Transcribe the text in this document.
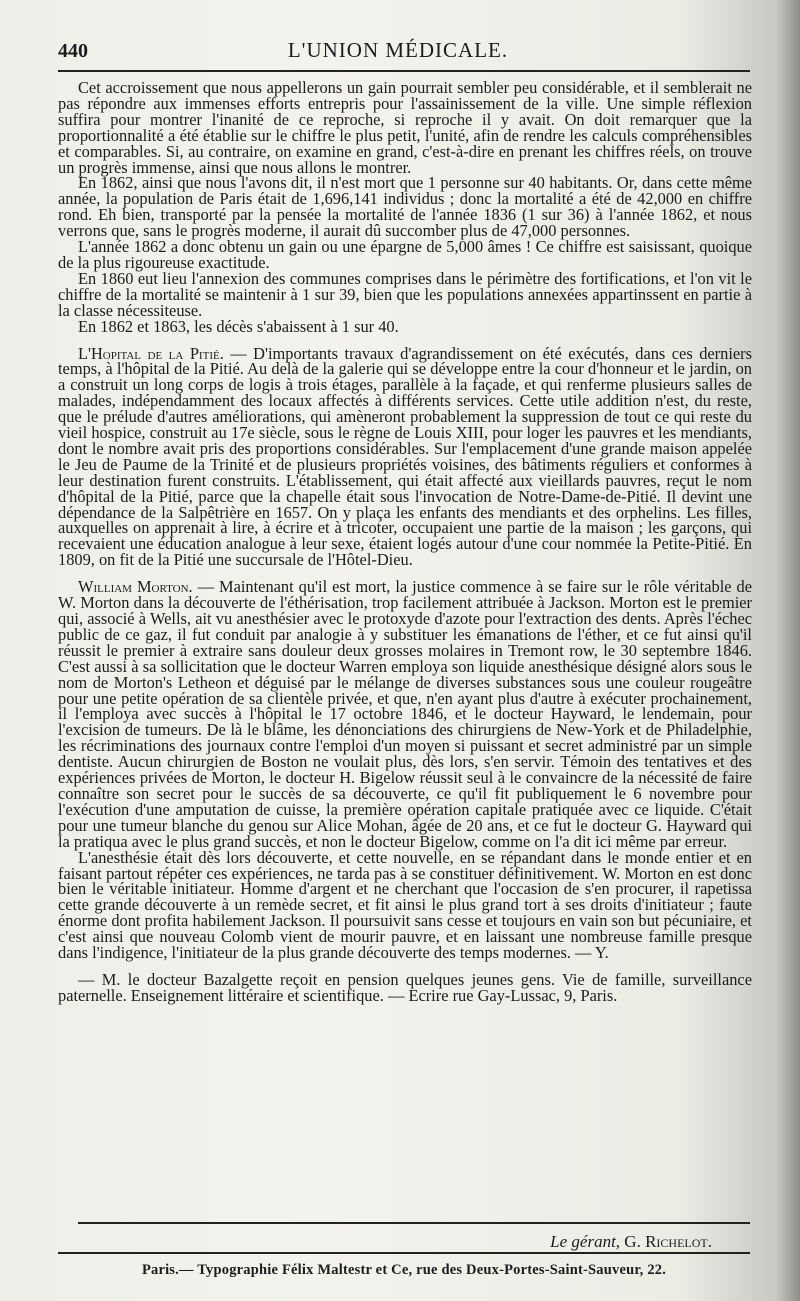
440	L'UNION MÉDICALE.

Cet accroissement que nous appellerons un gain pourrait sembler peu considérable, et il semblerait ne pas répondre aux immenses efforts entrepris pour l'assainissement de la ville. Une simple réflexion suffira pour montrer l'inanité de ce reproche, si reproche il y avait. On doit remarquer que la proportionnalité a été établie sur le chiffre le plus petit, l'unité, afin de rendre les calculs compréhensibles et comparables. Si, au contraire, on examine en grand, c'est-à-dire en prenant les chiffres réels, on trouve un progrès immense, ainsi que nous allons le montrer.

En 1862, ainsi que nous l'avons dit, il n'est mort que 1 personne sur 40 habitants. Or, dans cette même année, la population de Paris était de 1,696,141 individus ; donc la mortalité a été de 42,000 en chiffre rond. Eh bien, transporté par la pensée la mortalité de l'année 1836 (1 sur 36) à l'année 1862, et nous verrons que, sans le progrès moderne, il aurait dû succomber plus de 47,000 personnes.

L'année 1862 a donc obtenu un gain ou une épargne de 5,000 âmes ! Ce chiffre est saisissant, quoique de la plus rigoureuse exactitude.

En 1860 eut lieu l'annexion des communes comprises dans le périmètre des fortifications, et l'on vit le chiffre de la mortalité se maintenir à 1 sur 39, bien que les populations annexées appartinssent en partie à la classe nécessiteuse.

En 1862 et 1863, les décès s'abaissent à 1 sur 40.

L'Hopital de la Pitié. — D'importants travaux d'agrandissement on été exécutés, dans ces derniers temps, à l'hôpital de la Pitié. Au delà de la galerie qui se développe entre la cour d'honneur et le jardin, on a construit un long corps de logis à trois étages, parallèle à la façade, et qui renferme plusieurs salles de malades, indépendamment des locaux affectés à différents services. Cette utile addition n'est, du reste, que le prélude d'autres améliorations, qui amèneront probablement la suppression de tout ce qui reste du vieil hospice, construit au 17e siècle, sous le règne de Louis XIII, pour loger les pauvres et les mendiants, dont le nombre avait pris des proportions considérables. Sur l'emplacement d'une grande maison appelée le Jeu de Paume de la Trinité et de plusieurs propriétés voisines, des bâtiments réguliers et conformes à leur destination furent construits. L'établissement, qui était affecté aux vieillards pauvres, reçut le nom d'hôpital de la Pitié, parce que la chapelle était sous l'invocation de Notre-Dame-de-Pitié. Il devint une dépendance de la Salpêtrière en 1657. On y plaça les enfants des mendiants et des orphelins. Les filles, auxquelles on apprenait à lire, à écrire et à tricoter, occupaient une partie de la maison ; les garçons, qui recevaient une éducation analogue à leur sexe, étaient logés autour d'une cour nommée la Petite-Pitié. En 1809, on fit de la Pitié une succursale de l'Hôtel-Dieu.

William Morton. — Maintenant qu'il est mort, la justice commence à se faire sur le rôle véritable de W. Morton dans la découverte de l'éthérisation, trop facilement attribuée à Jackson. Morton est le premier qui, associé à Wells, ait vu anesthésier avec le protoxyde d'azote pour l'extraction des dents. Après l'échec public de ce gaz, il fut conduit par analogie à y substituer les émanations de l'éther, et ce fut ainsi qu'il réussit le premier à extraire sans douleur deux grosses molaires in Tremont row, le 30 septembre 1846. C'est aussi à sa sollicitation que le docteur Warren employa son liquide anesthésique désigné alors sous le nom de Morton's Letheon et déguisé par le mélange de diverses substances sous une couleur rougeâtre pour une petite opération de sa clientèle privée, et que, n'en ayant plus d'autre à exécuter prochainement, il l'employa avec succès à l'hôpital le 17 octobre 1846, et le docteur Hayward, le lendemain, pour l'excision de tumeurs. De là le blâme, les dénonciations des chirurgiens de New-York et de Philadelphie, les récriminations des journaux contre l'emploi d'un moyen si puissant et secret administré par un simple dentiste. Aucun chirurgien de Boston ne voulait plus, dès lors, s'en servir. Témoin des tentatives et des expériences privées de Morton, le docteur H. Bigelow réussit seul à le convaincre de la nécessité de faire connaître son secret pour le succès de sa découverte, ce qu'il fit publiquement le 6 novembre pour l'exécution d'une amputation de cuisse, la première opération capitale pratiquée avec ce liquide. C'était pour une tumeur blanche du genou sur Alice Mohan, âgée de 20 ans, et ce fut le docteur G. Hayward qui la pratiqua avec le plus grand succès, et non le docteur Bigelow, comme on l'a dit ici même par erreur.

L'anesthésie était dès lors découverte, et cette nouvelle, en se répandant dans le monde entier et en faisant partout répéter ces expériences, ne tarda pas à se constituer définitivement. W. Morton en est donc bien le véritable initiateur. Homme d'argent et ne cherchant que l'occasion de s'en procurer, il rapetissa cette grande découverte à un remède secret, et fit ainsi le plus grand tort à ses droits d'initiateur ; faute énorme dont profita habilement Jackson. Il poursuivit sans cesse et toujours en vain son but pécuniaire, et c'est ainsi que nouveau Colomb vient de mourir pauvre, et en laissant une nombreuse famille presque dans l'indigence, l'initiateur de la plus grande découverte des temps modernes. — Y.

— M. le docteur Bazalgette reçoit en pension quelques jeunes gens. Vie de famille, surveillance paternelle. Enseignement littéraire et scientifique. — Ecrire rue Gay-Lussac, 9, Paris.

Le gérant, G. Richelot.
Paris.— Typographie Félix Maltestr et Ce, rue des Deux-Portes-Saint-Sauveur, 22.
